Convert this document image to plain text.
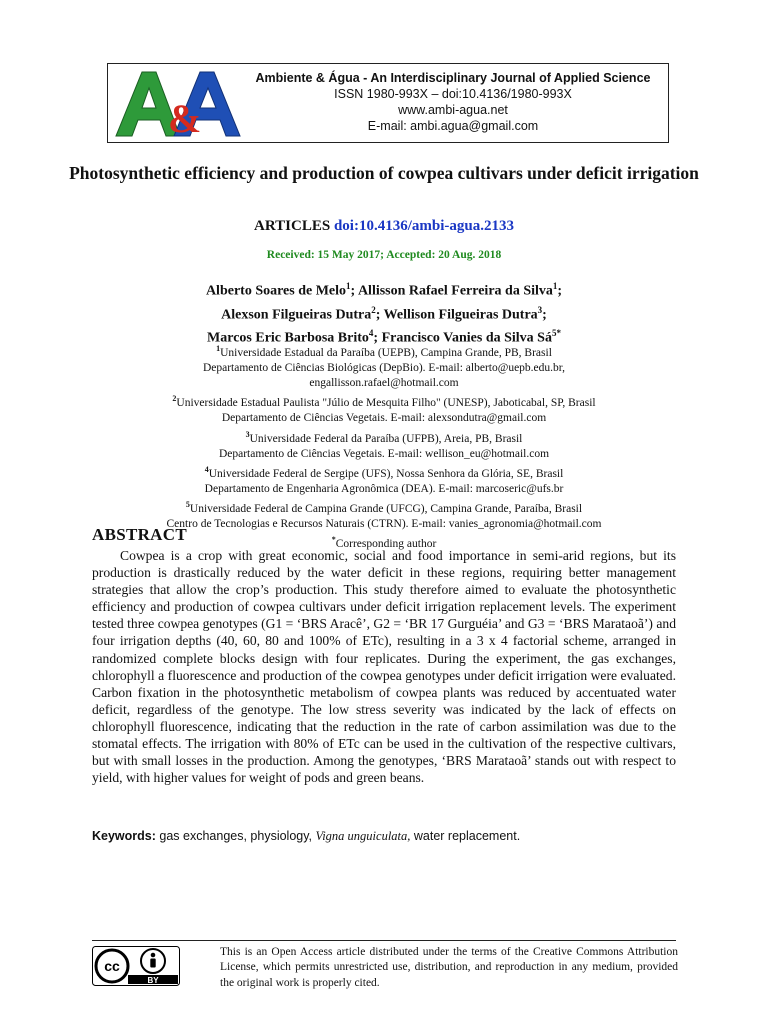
&
Ambiente & Água - An Interdisciplinary Journal of Applied Science
ISSN 1980-993X – doi:10.4136/1980-993X
www.ambi-agua.net
E-mail: ambi.agua@gmail.com
Photosynthetic efficiency and production of cowpea cultivars under deficit irrigation
ARTICLES doi:10.4136/ambi-agua.2133
Received: 15 May 2017; Accepted: 20 Aug. 2018
Alberto Soares de Melo$^1$; Allisson Rafael Ferreira da Silva$^1$;
Alexson Filgueiras Dutra$^2$; Wellison Filgueiras Dutra$^3$;
Marcos Eric Barbosa Brito$^4$; Francisco Vanies da Silva $Sá^{5*}$
$^1$Universidade Estadual da Paraíba (UEPB), Campina Grande, PB, Brasil
Departamento de Ciências Biológicas (DepBio). E-mail: alberto@uepb.edu.br,
engallisson.rafael@hotmail.com
$^2$Universidade Estadual Paulista "Júlio de Mesquita Filho" (UNESP), Jaboticabal, SP, Brasil
Departamento de Ciências Vegetais. E-mail: alexsondutra@gmail.com
$^3$Universidade Federal da Paraíba (UFPB), Areia, PB, Brasil
Departamento de Ciências Vegetais. E-mail: wellison_eu@hotmail.com
$^4$Universidade Federal de Sergipe (UFS), Nossa Senhora da Glória, SE, Brasil
Departamento de Engenharia Agronômica (DEA). E-mail: marcoseric@ufs.br
$^5$Universidade Federal de Campina Grande (UFCG), Campina Grande, Paraíba, Brasil
Centro de Tecnologias e Recursos Naturais (CTRN). E-mail: vanies_agronomia@hotmail.com
*Corresponding author
ABSTRACT
Cowpea is a crop with great economic, social and food importance in semi-arid regions, but its production is drastically reduced by the water deficit in these regions, requiring better management strategies that allow the crop’s production. This study therefore aimed to evaluate the photosynthetic efficiency and production of cowpea cultivars under deficit irrigation replacement levels. The experiment tested three cowpea genotypes (G1 = ‘BRS Aracê’, G2 = ‘BR 17 Gurguéia’ and G3 = ‘BRS Marataoã’) and four irrigation depths (40, 60, 80 and 100% of ETc), resulting in a 3 x 4 factorial scheme, arranged in randomized complete blocks design with four replicates. During the experiment, the gas exchanges, chlorophyll a fluorescence and production of the cowpea genotypes under deficit irrigation were evaluated. Carbon fixation in the photosynthetic metabolism of cowpea plants was reduced by accentuated water deficit, regardless of the genotype. The low stress severity was indicated by the lack of effects on chlorophyll fluorescence, indicating that the reduction in the rate of carbon assimilation was due to the stomatal effects. The irrigation with 80% of ETc can be used in the cultivation of the respective cultivars, but with small losses in the production. Among the genotypes, ‘BRS Marataoã’ stands out with respect to yield, with higher values for weight of pods and green beans.
Keywords: gas exchanges, physiology, Vigna unguiculata, water replacement.
cc
BY
This is an Open Access article distributed under the terms of the Creative Commons Attribution License, which permits unrestricted use, distribution, and reproduction in any medium, provided the original work is properly cited.
